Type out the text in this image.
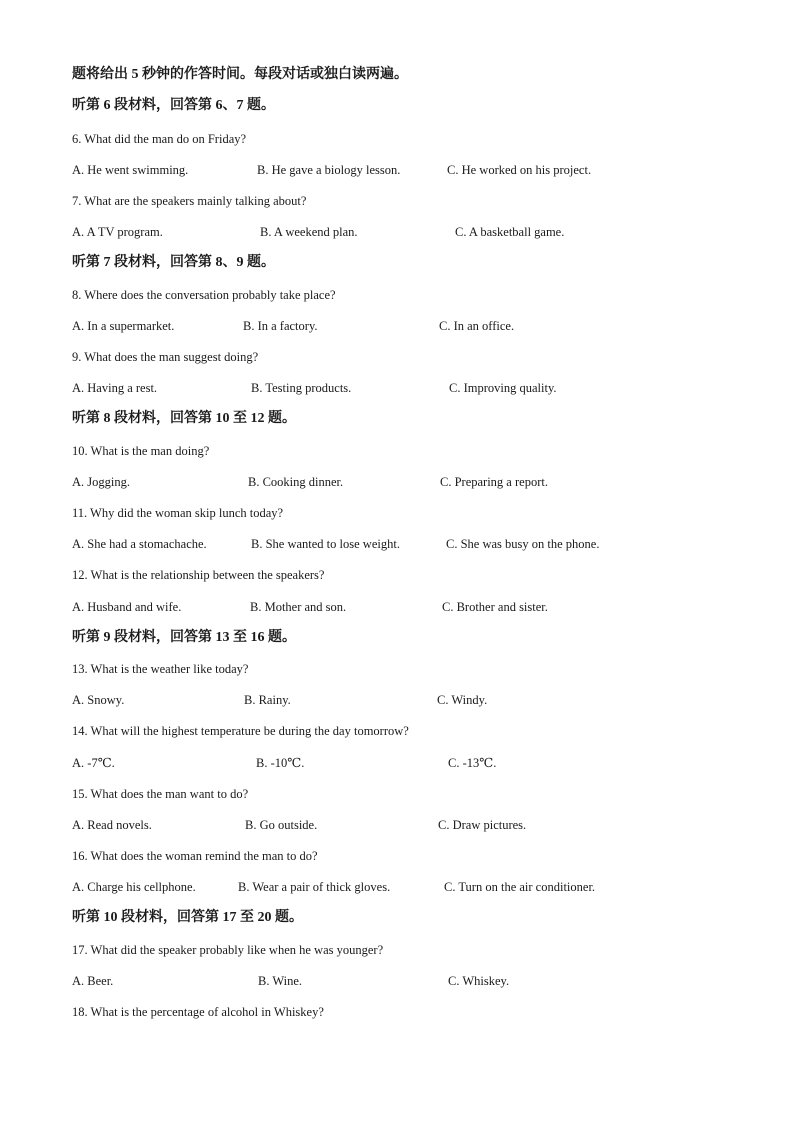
题将给出 5 秒钟的作答时间。每段对话或独白读两遍。
听第 6 段材料，回答第 6、7 题。
6. What did the man do on Friday?
A. He went swimming.	B. He gave a biology lesson.	C. He worked on his project.
7. What are the speakers mainly talking about?
A. A TV program.	B. A weekend plan.	C. A basketball game.
听第 7 段材料，回答第 8、9 题。
8. Where does the conversation probably take place?
A. In a supermarket.	B. In a factory.	C. In an office.
9. What does the man suggest doing?
A. Having a rest.	B. Testing products.	C. Improving quality.
听第 8 段材料，回答第 10 至 12 题。
10. What is the man doing?
A. Jogging.	B. Cooking dinner.	C. Preparing a report.
11. Why did the woman skip lunch today?
A. She had a stomachache.	B. She wanted to lose weight.	C. She was busy on the phone.
12. What is the relationship between the speakers?
A. Husband and wife.	B. Mother and son.	C. Brother and sister.
听第 9 段材料，回答第 13 至 16 题。
13. What is the weather like today?
A. Snowy.	B. Rainy.	C. Windy.
14. What will the highest temperature be during the day tomorrow?
A. -7℃.	B. -10℃.	C. -13℃.
15. What does the man want to do?
A. Read novels.	B. Go outside.	C. Draw pictures.
16. What does the woman remind the man to do?
A. Charge his cellphone.	B. Wear a pair of thick gloves.	C. Turn on the air conditioner.
听第 10 段材料，回答第 17 至 20 题。
17. What did the speaker probably like when he was younger?
A. Beer.	B. Wine.	C. Whiskey.
18. What is the percentage of alcohol in Whiskey?
